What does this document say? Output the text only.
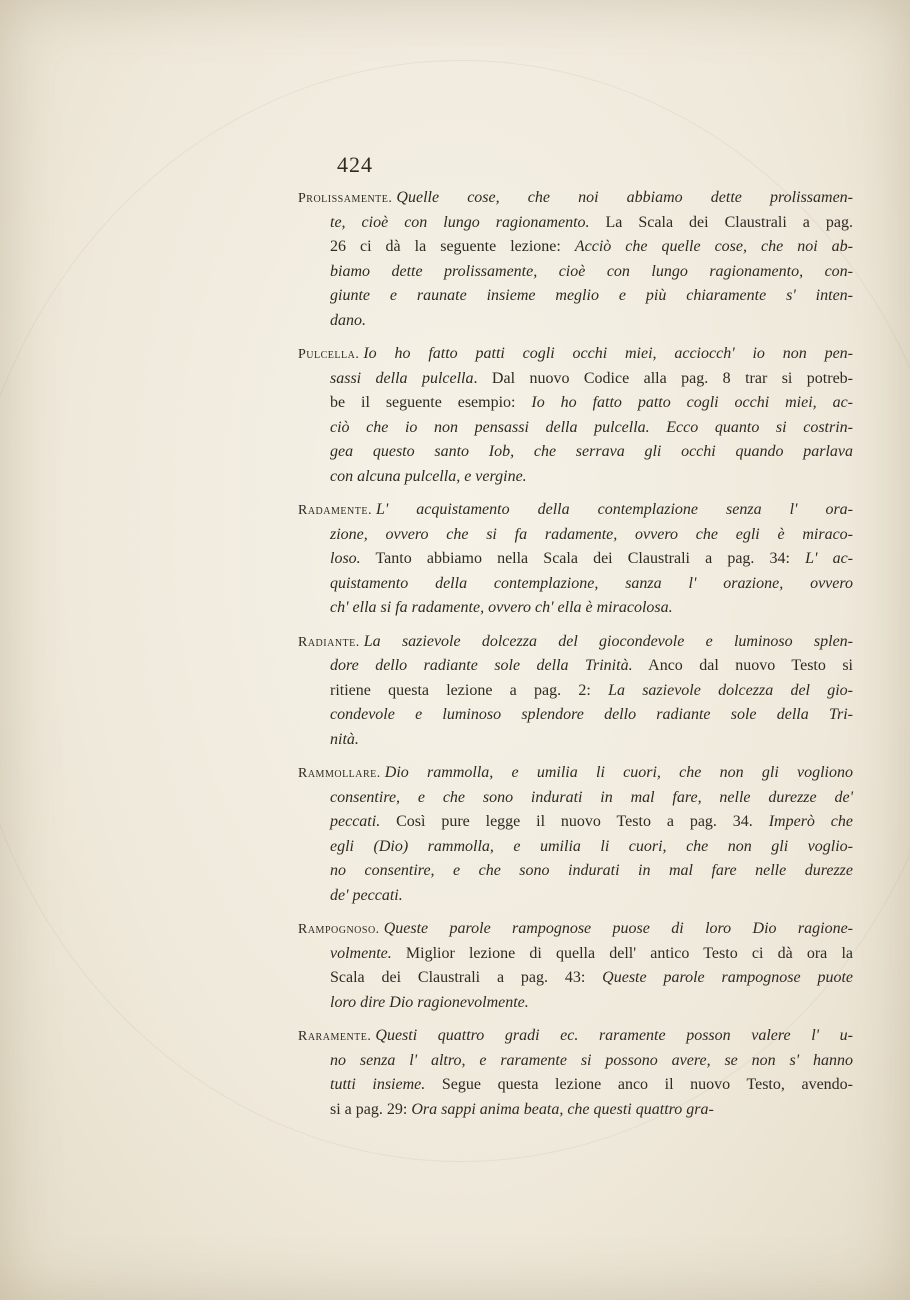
424
Prolissamente. Quelle cose, che noi abbiamo dette prolissamen-
te, cioè con lungo ragionamento. La Scala dei Claustrali a pag.
26 ci dà la seguente lezione: Acciò che quelle cose, che noi ab-
biamo dette prolissamente, cioè con lungo ragionamento, con-
giunte e raunate insieme meglio e più chiaramente s' inten-
dano.
Pulcella. Io ho fatto patti cogli occhi miei, acciocch' io non pen-
sassi della pulcella. Dal nuovo Codice alla pag. 8 trar si potreb-
be il seguente esempio: Io ho fatto patto cogli occhi miei, ac-
ciò che io non pensassi della pulcella. Ecco quanto si costrin-
gea questo santo Iob, che serrava gli occhi quando parlava
con alcuna pulcella, e vergine.
Radamente. L' acquistamento della contemplazione senza l' ora-
zione, ovvero che si fa radamente, ovvero che egli è miraco-
loso. Tanto abbiamo nella Scala dei Claustrali a pag. 34: L' ac-
quistamento della contemplazione, sanza l' orazione, ovvero
ch' ella si fa radamente, ovvero ch' ella è miracolosa.
Radiante. La sazievole dolcezza del giocondevole e luminoso splen-
dore dello radiante sole della Trinità. Anco dal nuovo Testo si
ritiene questa lezione a pag. 2: La sazievole dolcezza del gio-
condevole e luminoso splendore dello radiante sole della Tri-
nità.
Rammollare. Dio rammolla, e umilia li cuori, che non gli vogliono
consentire, e che sono indurati in mal fare, nelle durezze de'
peccati. Così pure legge il nuovo Testo a pag. 34. Imperò che
egli (Dio) rammolla, e umilia li cuori, che non gli voglio-
no consentire, e che sono indurati in mal fare nelle durezze
de' peccati.
Rampognoso. Queste parole rampognose puose di loro Dio ragione-
volmente. Miglior lezione di quella dell' antico Testo ci dà ora la
Scala dei Claustrali a pag. 43: Queste parole rampognose puote
loro dire Dio ragionevolmente.
Raramente. Questi quattro gradi ec. raramente posson valere l' u-
no senza l' altro, e raramente si possono avere, se non s' hanno
tutti insieme. Segue questa lezione anco il nuovo Testo, avendo-
si a pag. 29: Ora sappi anima beata, che questi quattro gra-
